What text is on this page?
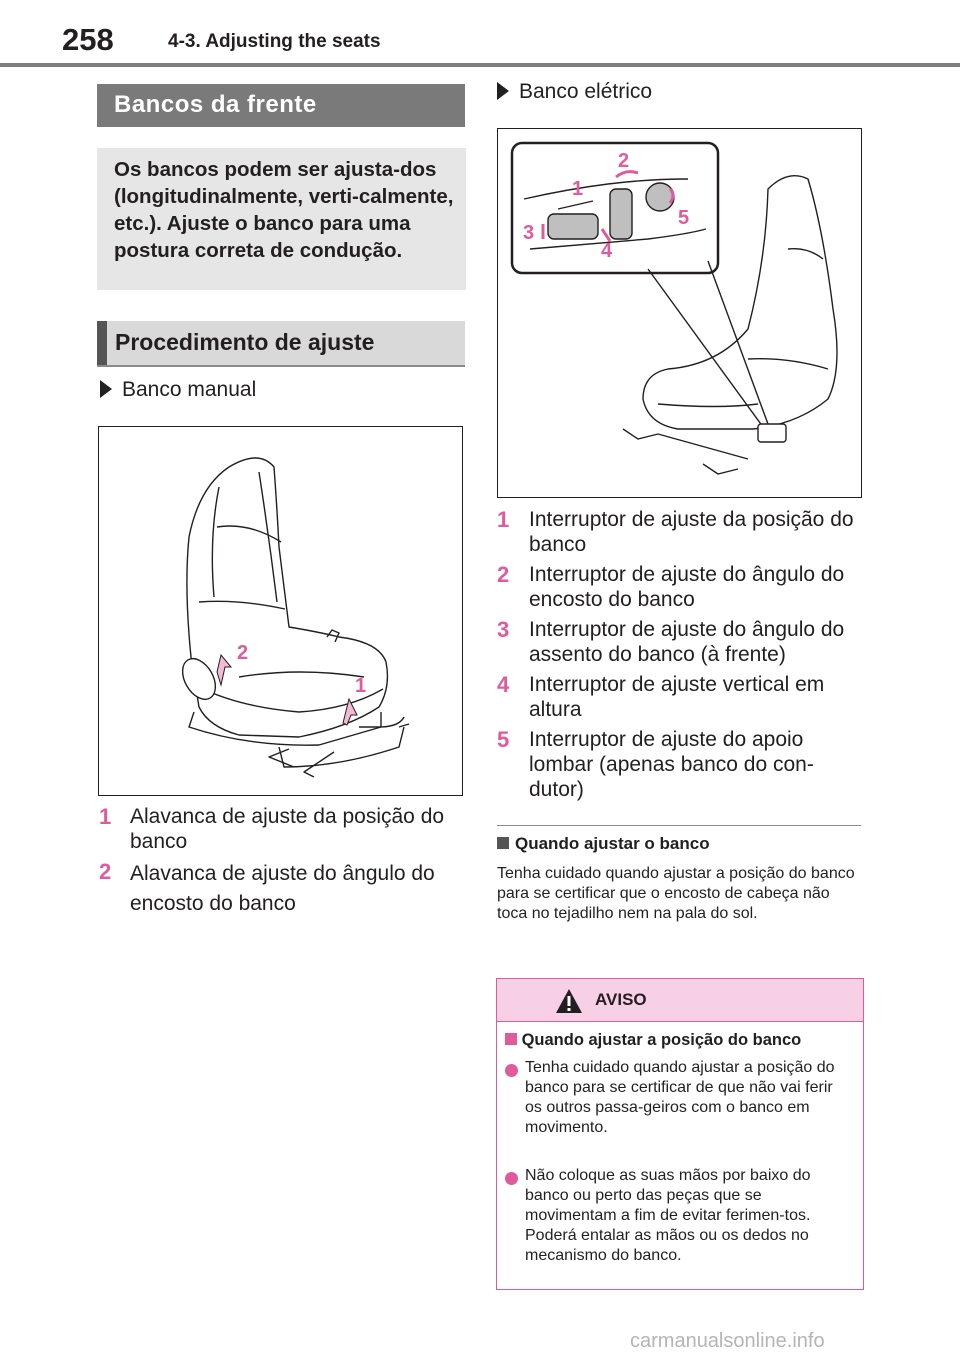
258	4-3. Adjusting the seats
Bancos da frente
Os bancos podem ser ajusta-dos (longitudinalmente, verti-calmente, etc.). Ajuste o banco para uma postura correta de condução.
Procedimento de ajuste
Banco manual
2
1
1 Alavanca de ajuste da posição do banco
2 Alavanca de ajuste do ângulo do encosto do banco
Banco elétrico
1
2
3
4
5
1 Interruptor de ajuste da posição do banco
2 Interruptor de ajuste do ângulo do encosto do banco
3 Interruptor de ajuste do ângulo do assento do banco (à frente)
4 Interruptor de ajuste vertical em altura
5 Interruptor de ajuste do apoio lombar (apenas banco do con-dutor)
Quando ajustar o banco
Tenha cuidado quando ajustar a posição do banco para se certificar que o encosto de cabeça não toca no tejadilho nem na pala do sol.
AVISO
Quando ajustar a posição do banco
Tenha cuidado quando ajustar a posição do banco para se certificar de que não vai ferir os outros passa-geiros com o banco em movimento.
Não coloque as suas mãos por baixo do banco ou perto das peças que se movimentam a fim de evitar ferimen-tos. Poderá entalar as mãos ou os dedos no mecanismo do banco.
carmanualsonline.info
